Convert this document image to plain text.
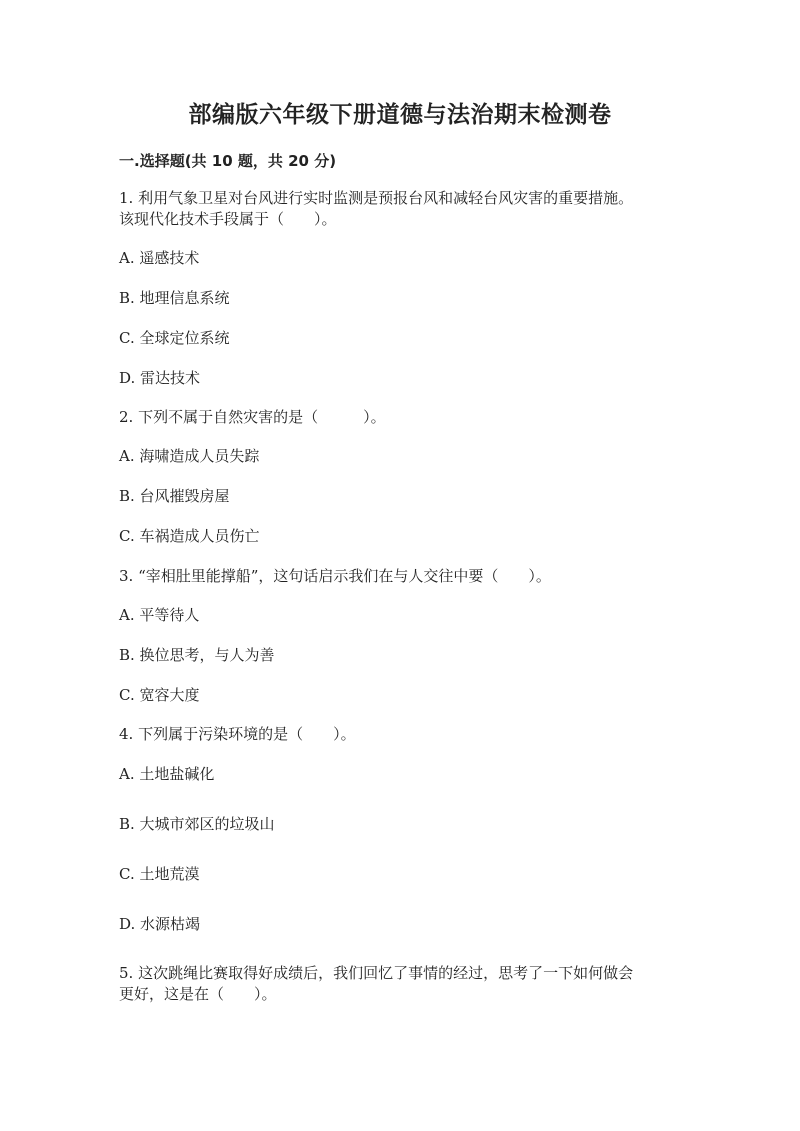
部编版六年级下册道德与法治期末检测卷
一.选择题(共 10 题，共 20 分)
1. 利用气象卫星对台风进行实时监测是预报台风和减轻台风灾害的重要措施。
该现代化技术手段属于（　　）。
A. 遥感技术
B. 地理信息系统
C. 全球定位系统
D. 雷达技术
2. 下列不属于自然灾害的是（　　　）。
A. 海啸造成人员失踪
B. 台风摧毁房屋
C. 车祸造成人员伤亡
3. “宰相肚里能撑船”，这句话启示我们在与人交往中要（　　）。
A. 平等待人
B. 换位思考，与人为善
C. 宽容大度
4. 下列属于污染环境的是（　　）。
A. 土地盐碱化
B. 大城市郊区的垃圾山
C. 土地荒漠
D. 水源枯竭
5. 这次跳绳比赛取得好成绩后，我们回忆了事情的经过，思考了一下如何做会
更好，这是在（　　）。
